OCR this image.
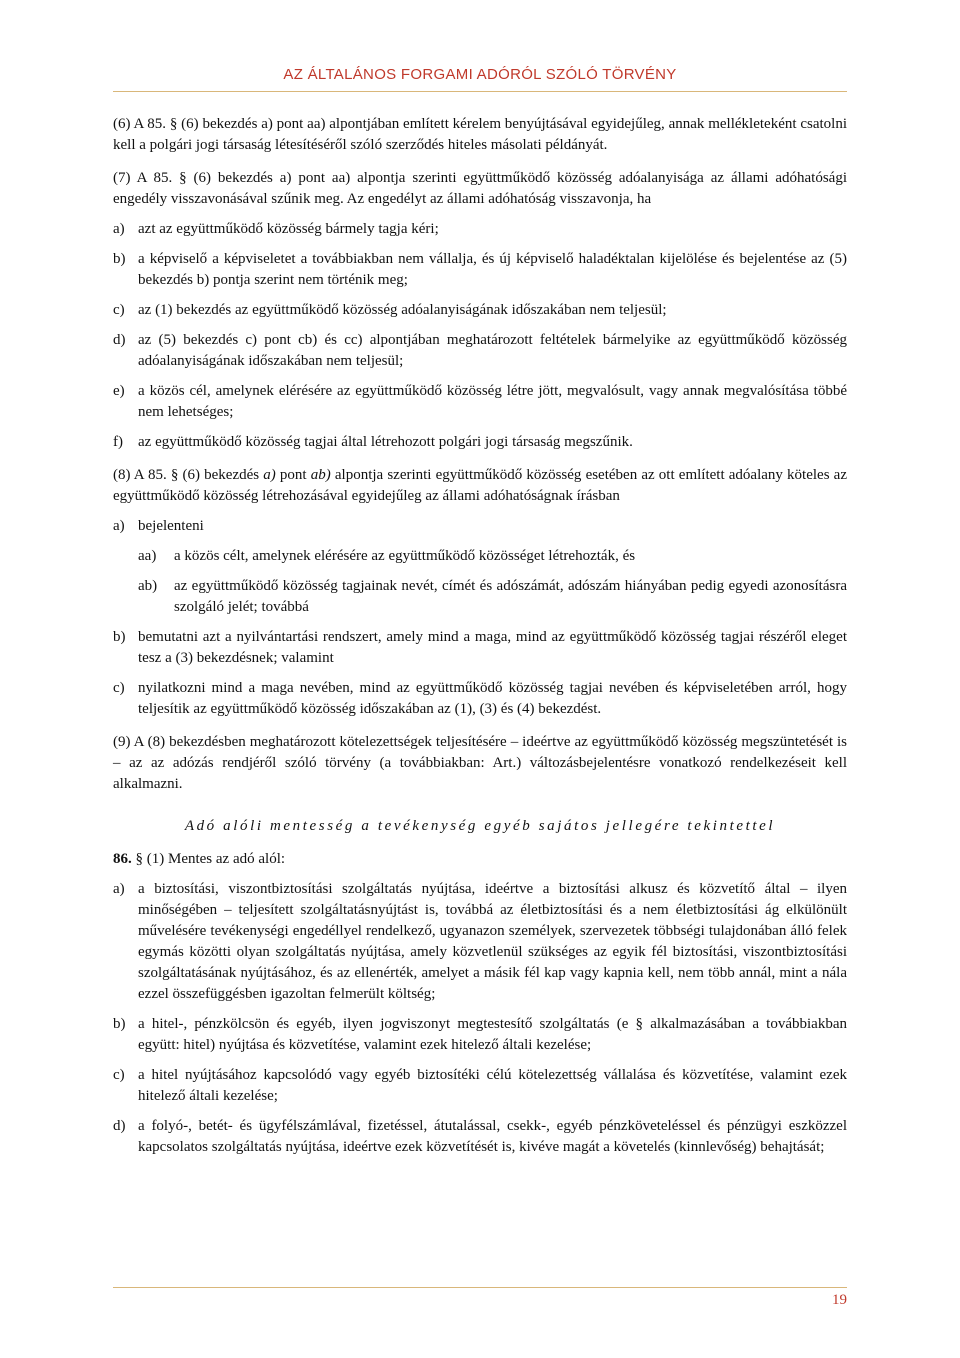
AZ ÁLTALÁNOS FORGAMI ADÓRÓL SZÓLÓ TÖRVÉNY

(6) A 85. § (6) bekezdés a) pont aa) alpontjában említett kérelem benyújtásával egyidejűleg, annak mellékleteként csatolni kell a polgári jogi társaság létesítéséről szóló szerződés hiteles másolati példányát.

(7) A 85. § (6) bekezdés a) pont aa) alpontja szerinti együttműködő közösség adóalanyisága az állami adóhatósági engedély visszavonásával szűnik meg. Az engedélyt az állami adóhatóság visszavonja, ha

a) azt az együttműködő közösség bármely tagja kéri;
b) a képviselő a képviseletet a továbbiakban nem vállalja, és új képviselő haladéktalan kijelölése és bejelentése az (5) bekezdés b) pontja szerint nem történik meg;
c) az (1) bekezdés az együttműködő közösség adóalanyiságának időszakában nem teljesül;
d) az (5) bekezdés c) pont cb) és cc) alpontjában meghatározott feltételek bármelyike az együttműködő közösség adóalanyiságának időszakában nem teljesül;
e) a közös cél, amelynek elérésére az együttműködő közösség létre jött, megvalósult, vagy annak megvalósítása többé nem lehetséges;
f)	az együttműködő közösség tagjai által létrehozott polgári jogi társaság megszűnik.

(8) A 85. § (6) bekezdés a) pont ab) alpontja szerinti együttműködő közösség esetében az ott említett adóalany köteles az együttműködő közösség létrehozásával egyidejűleg az állami adóhatóságnak írásban

a) bejelenteni
aa)	a közös célt, amelynek elérésére az együttműködő közösséget létrehozták, és
ab)	az együttműködő közösség tagjainak nevét, címét és adószámát, adószám hiányában pedig egyedi azonosításra szolgáló jelét; továbbá
b) bemutatni azt a nyilvántartási rendszert, amely mind a maga, mind az együttműködő közösség tagjai részéről eleget tesz a (3) bekezdésnek; valamint
c) nyilatkozni mind a maga nevében, mind az együttműködő közösség tagjai nevében és képviseletében arról, hogy teljesítik az együttműködő közösség időszakában az (1), (3) és (4) bekezdést.

(9) A (8) bekezdésben meghatározott kötelezettségek teljesítésére – ideértve az együttműködő közösség megszüntetését is – az az adózás rendjéről szóló törvény (a továbbiakban: Art.) változásbejelentésre vonatkozó rendelkezéseit kell alkalmazni.

Adó alóli mentesség a tevékenység egyéb sajátos jellegére tekintettel

86. § (1) Mentes az adó alól:

a) a biztosítási, viszontbiztosítási szolgáltatás nyújtása, ideértve a biztosítási alkusz és közvetítő által – ilyen minőségében – teljesített szolgáltatásnyújtást is, továbbá az életbiztosítási és a nem életbiztosítási ág elkülönült művelésére tevékenységi engedéllyel rendelkező, ugyanazon személyek, szervezetek többségi tulajdonában álló felek egymás közötti olyan szolgáltatás nyújtása, amely közvetlenül szükséges az egyik fél biztosítási, viszontbiztosítási szolgáltatásának nyújtásához, és az ellenérték, amelyet a másik fél kap vagy kapnia kell, nem több annál, mint a nála ezzel összefüggésben igazoltan felmerült költség;
b) a hitel-, pénzkölcsön és egyéb, ilyen jogviszonyt megtestesítő szolgáltatás (e § alkalmazásában a továbbiakban együtt: hitel) nyújtása és közvetítése, valamint ezek hitelező általi kezelése;
c) a hitel nyújtásához kapcsolódó vagy egyéb biztosítéki célú kötelezettség vállalása és közvetítése, valamint ezek hitelező általi kezelése;
d) a folyó-, betét- és ügyfélszámlával, fizetéssel, átutalással, csekk-, egyéb pénzköveteléssel és pénzügyi eszközzel kapcsolatos szolgáltatás nyújtása, ideértve ezek közvetítését is, kivéve magát a követelés (kinnlevőség) behajtását;
19
